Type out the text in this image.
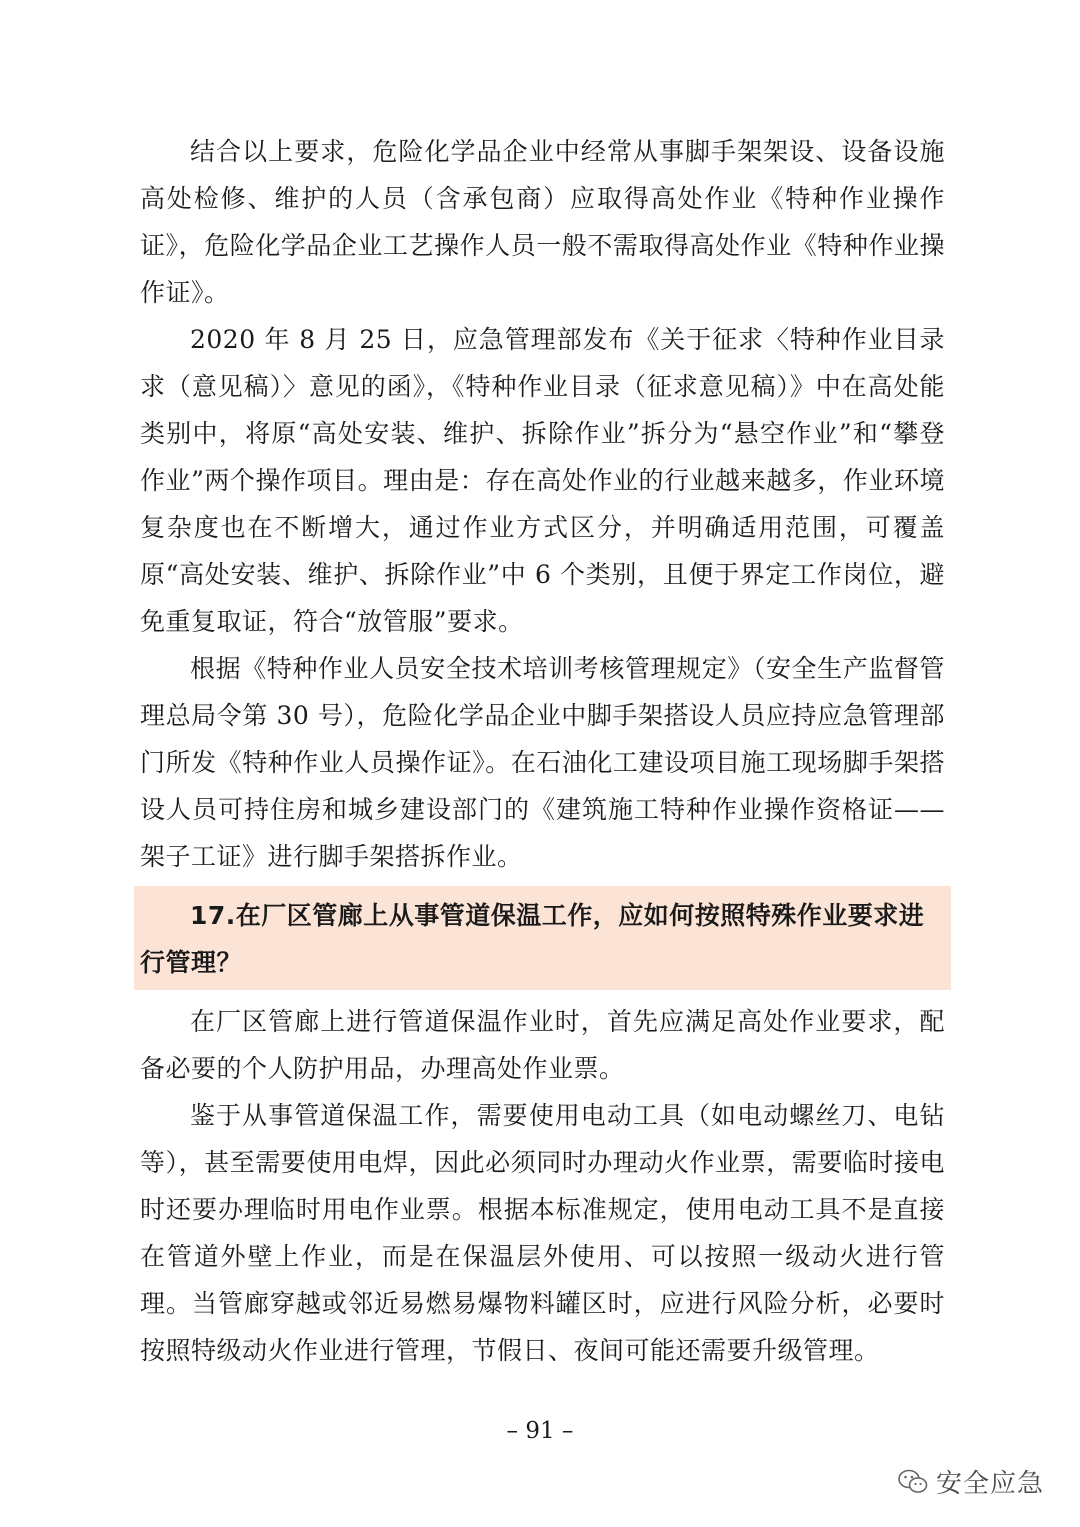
结合以上要求，危险化学品企业中经常从事脚手架架设、设备设施高处检修、维护的人员（含承包商）应取得高处作业《特种作业操作证》，危险化学品企业工艺操作人员一般不需取得高处作业《特种作业操作证》。

2020 年 8 月 25 日，应急管理部发布《关于征求〈特种作业目录求（意见稿）〉意见的函》，《特种作业目录（征求意见稿）》中在高处能类别中，将原“高处安装、维护、拆除作业”拆分为“悬空作业”和“攀登作业”两个操作项目。理由是：存在高处作业的行业越来越多，作业环境复杂度也在不断增大，通过作业方式区分，并明确适用范围，可覆盖原“高处安装、维护、拆除作业”中 6 个类别，且便于界定工作岗位，避免重复取证，符合“放管服”要求。

根据《特种作业人员安全技术培训考核管理规定》（安全生产监督管理总局令第 30 号），危险化学品企业中脚手架搭设人员应持应急管理部门所发《特种作业人员操作证》。在石油化工建设项目施工现场脚手架搭设人员可持住房和城乡建设部门的《建筑施工特种作业操作资格证——架子工证》进行脚手架搭拆作业。

17.在厂区管廊上从事管道保温工作，应如何按照特殊作业要求进行管理？

在厂区管廊上进行管道保温作业时，首先应满足高处作业要求，配备必要的个人防护用品，办理高处作业票。

鉴于从事管道保温工作，需要使用电动工具（如电动螺丝刀、电钻等），甚至需要使用电焊，因此必须同时办理动火作业票，需要临时接电时还要办理临时用电作业票。根据本标准规定，使用电动工具不是直接在管道外壁上作业，而是在保温层外使用、可以按照一级动火进行管理。当管廊穿越或邻近易燃易爆物料罐区时，应进行风险分析，必要时按照特级动火作业进行管理，节假日、夜间可能还需要升级管理。

– 91 –
安全应急
